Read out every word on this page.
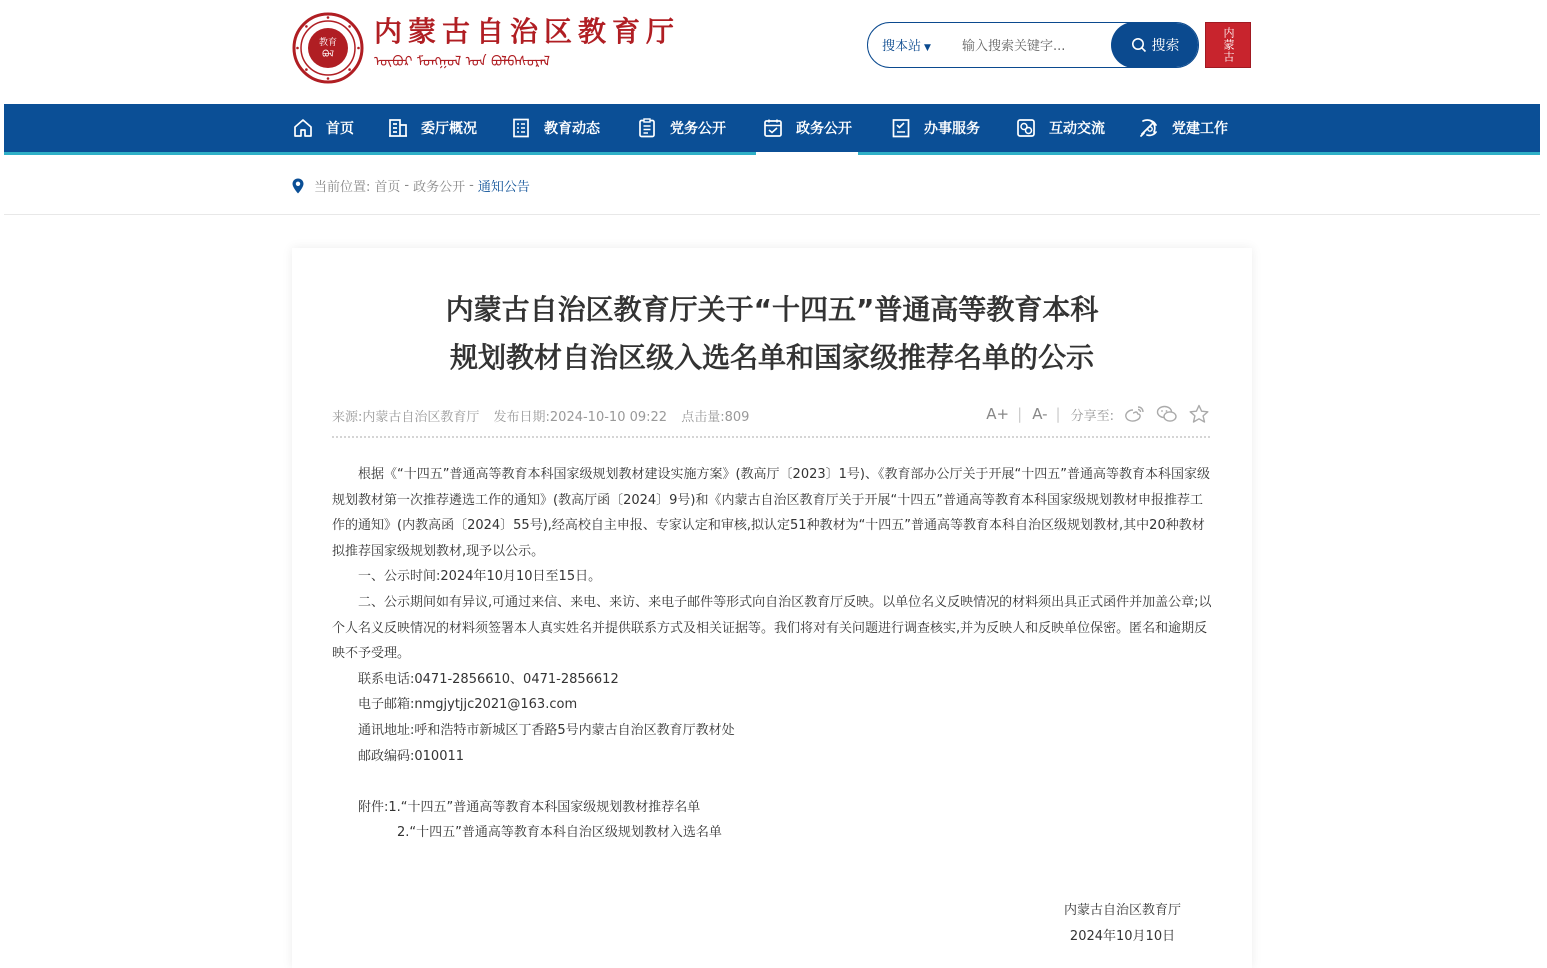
教育
ᠪᠣᠯ
内蒙古自治区教育厅
ᠦᠪᠦᠷ ᠮᠣᠩᠭᠣᠯ ᠤᠨ ᠪᠣᠯᠪᠠᠰᠤᠷᠠᠯ
搜本站 ▼
输入搜索关键字...	搜索	内蒙古
首页	委厅概况	教育动态	党务公开	政务公开	办事服务	互动交流	党建工作
当前位置: 首页 - 政务公开 - 通知公告
内蒙古自治区教育厅关于“十四五”普通高等教育本科
规划教材自治区级入选名单和国家级推荐名单的公示
来源:内蒙古自治区教育厅 发布日期:2024-10-10 09:22 点击量:809	A+ | A- | 分享至:

根据《“十四五”普通高等教育本科国家级规划教材建设实施方案》(教高厅〔2023〕1号)、《教育部办公厅关于开展“十四五”普通高等教育本科国家级规划教材第一次推荐遴选工作的通知》(教高厅函〔2024〕9号)和《内蒙古自治区教育厅关于开展“十四五”普通高等教育本科国家级规划教材申报推荐工作的通知》(内教高函〔2024〕55号),经高校自主申报、专家认定和审核,拟认定51种教材为“十四五”普通高等教育本科自治区级规划教材,其中20种教材拟推荐国家级规划教材,现予以公示。

一、公示时间:2024年10月10日至15日。

二、公示期间如有异议,可通过来信、来电、来访、来电子邮件等形式向自治区教育厅反映。以单位名义反映情况的材料须出具正式函件并加盖公章;以个人名义反映情况的材料须签署本人真实姓名并提供联系方式及相关证据等。我们将对有关问题进行调查核实,并为反映人和反映单位保密。匿名和逾期反映不予受理。

联系电话:0471-2856610、0471-2856612

电子邮箱:nmgjytjjc2021@163.com

通讯地址:呼和浩特市新城区丁香路5号内蒙古自治区教育厅教材处

邮政编码:010011

附件:1.“十四五”普通高等教育本科国家级规划教材推荐名单

2.“十四五”普通高等教育本科自治区级规划教材入选名单

内蒙古自治区教育厅
2024年10月10日
